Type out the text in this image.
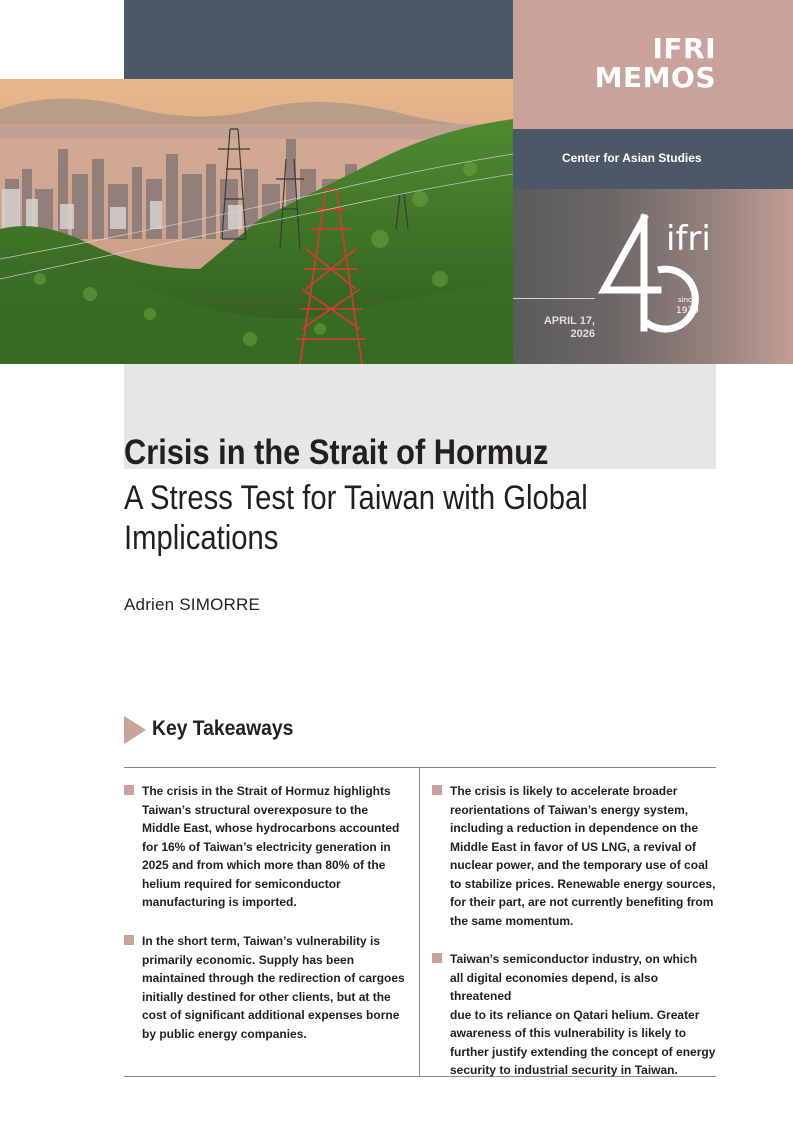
IFRI
MEMOS
Center for Asian Studies
APRIL 17,
2026
ifri
since
1979
Crisis in the Strait of Hormuz
A Stress Test for Taiwan with Global Implications
Adrien SIMORRE
Key Takeaways
The crisis in the Strait of Hormuz highlights
Taiwan’s structural overexposure to the
Middle East, whose hydrocarbons accounted
for 16% of Taiwan’s electricity generation in
2025 and from which more than 80% of the
helium required for semiconductor
manufacturing is imported.
In the short term, Taiwan’s vulnerability is
primarily economic. Supply has been
maintained through the redirection of cargoes
initially destined for other clients, but at the
cost of significant additional expenses borne
by public energy companies.
The crisis is likely to accelerate broader
reorientations of Taiwan’s energy system,
including a reduction in dependence on the
Middle East in favor of US LNG, a revival of
nuclear power, and the temporary use of coal
to stabilize prices. Renewable energy sources,
for their part, are not currently benefiting from
the same momentum.
Taiwan’s semiconductor industry, on which
all digital economies depend, is also threatened
due to its reliance on Qatari helium. Greater
awareness of this vulnerability is likely to
further justify extending the concept of energy
security to industrial security in Taiwan.
